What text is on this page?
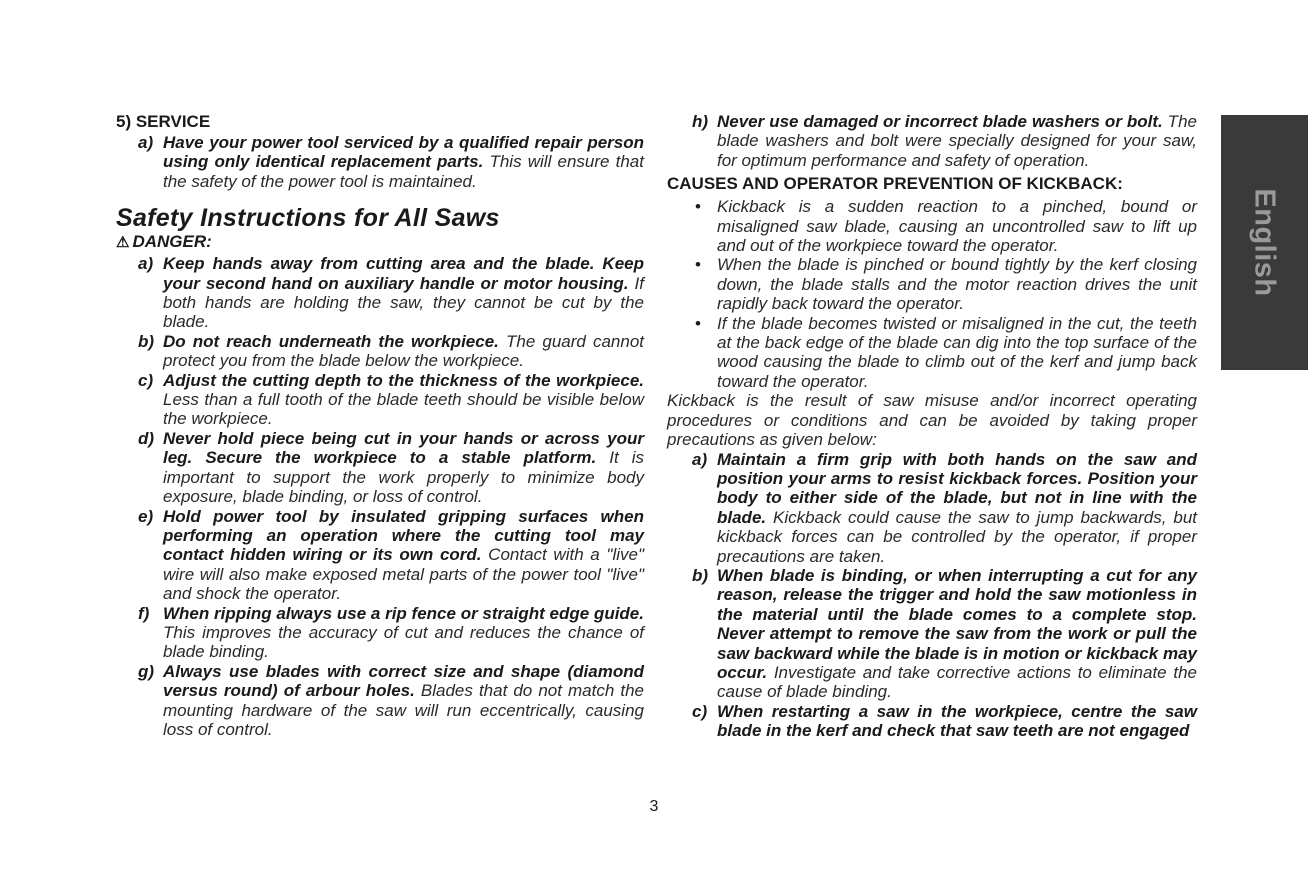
5) SERVICE

a) Have your power tool serviced by a qualified repair person using only identical replacement parts. This will ensure that the safety of the power tool is maintained.

Safety Instructions for All Saws
⚠ DANGER:

a) Keep hands away from cutting area and the blade. Keep your second hand on auxiliary handle or motor housing. If both hands are holding the saw, they cannot be cut by the blade.

b) Do not reach underneath the workpiece. The guard cannot protect you from the blade below the workpiece.

c) Adjust the cutting depth to the thickness of the workpiece. Less than a full tooth of the blade teeth should be visible below the workpiece.

d) Never hold piece being cut in your hands or across your leg. Secure the workpiece to a stable platform. It is important to support the work properly to minimize body exposure, blade binding, or loss of control.

e) Hold power tool by insulated gripping surfaces when performing an operation where the cutting tool may contact hidden wiring or its own cord. Contact with a "live" wire will also make exposed metal parts of the power tool "live" and shock the operator.

f) When ripping always use a rip fence or straight edge guide. This improves the accuracy of cut and reduces the chance of blade binding.

g) Always use blades with correct size and shape (diamond versus round) of arbour holes. Blades that do not match the mounting hardware of the saw will run eccentrically, causing loss of control.

h) Never use damaged or incorrect blade washers or bolt. The blade washers and bolt were specially designed for your saw, for optimum performance and safety of operation.

CAUSES AND OPERATOR PREVENTION OF KICKBACK:

• Kickback is a sudden reaction to a pinched, bound or misaligned saw blade, causing an uncontrolled saw to lift up and out of the workpiece toward the operator.

• When the blade is pinched or bound tightly by the kerf closing down, the blade stalls and the motor reaction drives the unit rapidly back toward the operator.

• If the blade becomes twisted or misaligned in the cut, the teeth at the back edge of the blade can dig into the top surface of the wood causing the blade to climb out of the kerf and jump back toward the operator.

Kickback is the result of saw misuse and/or incorrect operating procedures or conditions and can be avoided by taking proper precautions as given below:

a) Maintain a firm grip with both hands on the saw and position your arms to resist kickback forces. Position your body to either side of the blade, but not in line with the blade. Kickback could cause the saw to jump backwards, but kickback forces can be controlled by the operator, if proper precautions are taken.

b) When blade is binding, or when interrupting a cut for any reason, release the trigger and hold the saw motionless in the material until the blade comes to a complete stop. Never attempt to remove the saw from the work or pull the saw backward while the blade is in motion or kickback may occur. Investigate and take corrective actions to eliminate the cause of blade binding.

c) When restarting a saw in the workpiece, centre the saw blade in the kerf and check that saw teeth are not engaged

English
3
